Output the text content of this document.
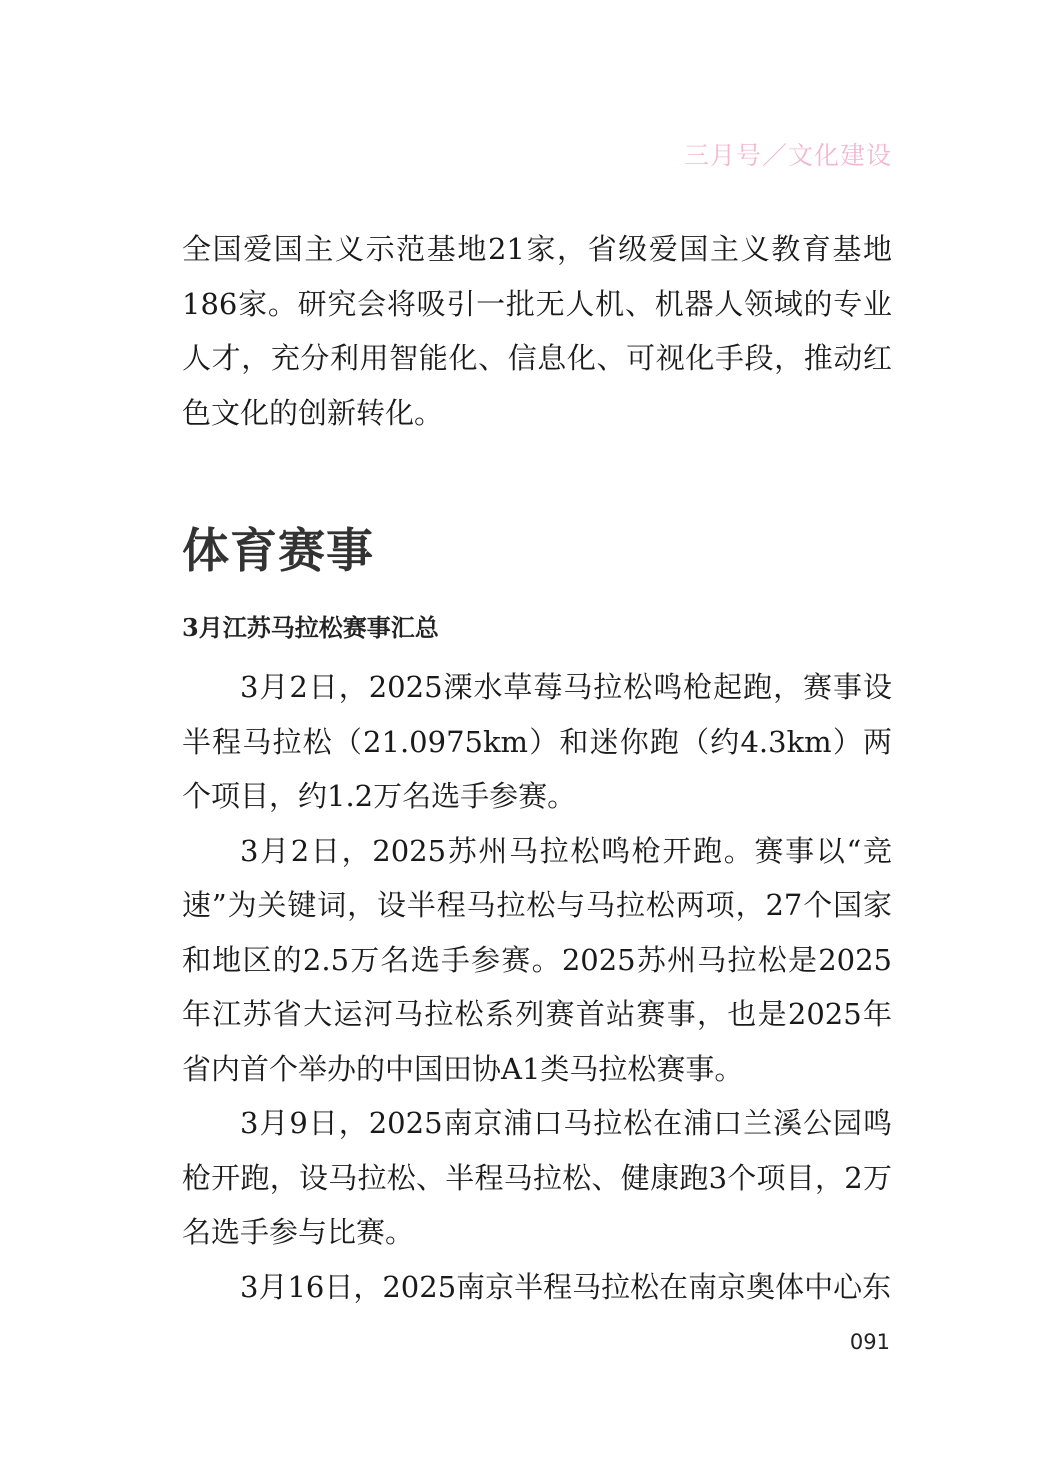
三月号／文化建设

全国爱国主义示范基地21家，省级爱国主义教育基地186家。研究会将吸引一批无人机、机器人领域的专业人才，充分利用智能化、信息化、可视化手段，推动红色文化的创新转化。

体育赛事
3月江苏马拉松赛事汇总

3月2日，2025溧水草莓马拉松鸣枪起跑，赛事设半程马拉松（21.0975km）和迷你跑（约4.3km）两个项目，约1.2万名选手参赛。

3月2日，2025苏州马拉松鸣枪开跑。赛事以“竞速”为关键词，设半程马拉松与马拉松两项，27个国家和地区的2.5万名选手参赛。2025苏州马拉松是2025年江苏省大运河马拉松系列赛首站赛事，也是2025年省内首个举办的中国田协A1类马拉松赛事。

3月9日，2025南京浦口马拉松在浦口兰溪公园鸣枪开跑，设马拉松、半程马拉松、健康跑3个项目，2万名选手参与比赛。

3月16日，2025南京半程马拉松在南京奥体中心东

091
